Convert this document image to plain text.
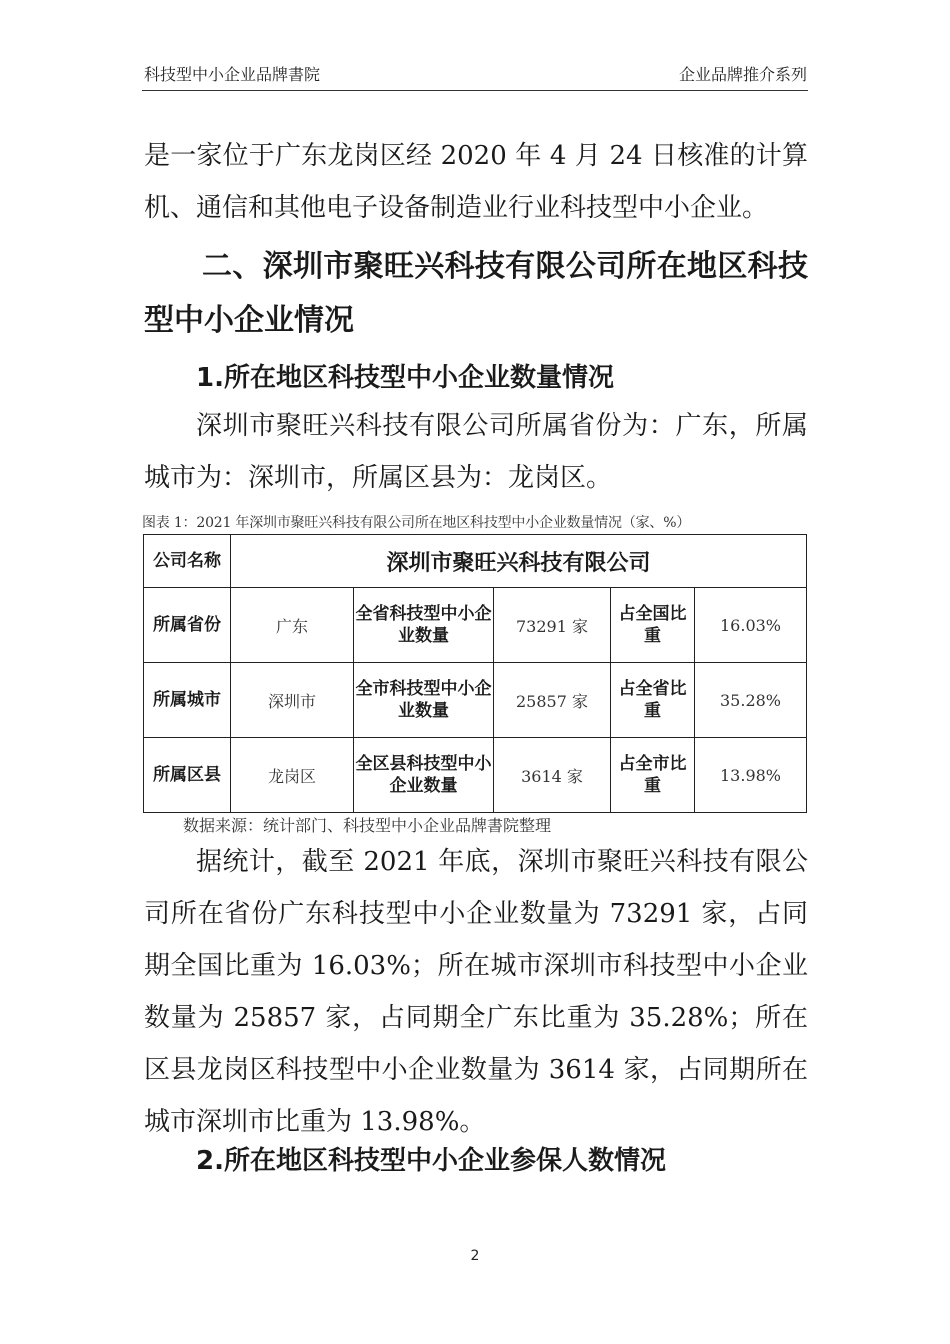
科技型中小企业品牌書院	企业品牌推介系列

是一家位于广东龙岗区经 2020 年 4 月 24 日核准的计算机、通信和其他电子设备制造业行业科技型中小企业。

二、深圳市聚旺兴科技有限公司所在地区科技型中小企业情况
1.所在地区科技型中小企业数量情况

深圳市聚旺兴科技有限公司所属省份为：广东，所属城市为：深圳市，所属区县为：龙岗区。

图表 1：2021 年深圳市聚旺兴科技有限公司所在地区科技型中小企业数量情况（家、%）

公司名称	深圳市聚旺兴科技有限公司				
所属省份	广东	全省科技型中小企业数量	73291 家	占全国比重	16.03%
所属城市	深圳市	全市科技型中小企业数量	25857 家	占全省比重	35.28%
所属区县	龙岗区	全区县科技型中小企业数量	3614 家	占全市比重	13.98%

数据来源：统计部门、科技型中小企业品牌書院整理

据统计，截至 2021 年底，深圳市聚旺兴科技有限公司所在省份广东科技型中小企业数量为 73291 家，占同期全国比重为 16.03%；所在城市深圳市科技型中小企业数量为 25857 家，占同期全广东比重为 35.28%；所在区县龙岗区科技型中小企业数量为 3614 家，占同期所在城市深圳市比重为 13.98%。

2.所在地区科技型中小企业参保人数情况
2
